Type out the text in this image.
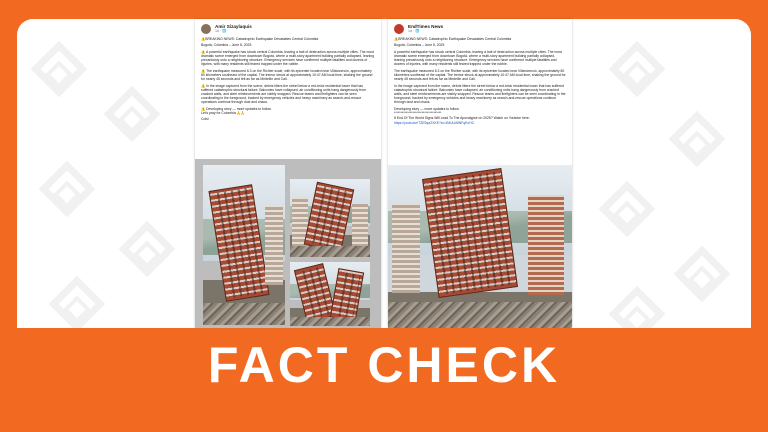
Amir Sizaylaquis
1d · 🌐
⚠️BREAKING NEWS: Catastrophic Earthquake Devastates Central Colombia
Bogotá, Colombia – June 8, 2025
⚠️ A powerful earthquake has struck central Colombia, leaving a trail of destruction across multiple cities. The most dramatic scene emerged from downtown Bogotá, where a multi-story apartment building partially collapsed, leaning precariously onto a neighboring structure. Emergency services have confirmed multiple fatalities and dozens of injuries, with many residents still feared trapped under the rubble.
⚠️ The earthquake measured 6.3 on the Richter scale, with its epicenter located near Villavicencio, approximately 80 kilometers southeast of the capital. The tremor struck at approximately 10:47 AM local time, shaking the ground for nearly 45 seconds and felt as far as Medellín and Cali.
⚠️ In the image captured from the scene, debris litters the street below a red-brick residential tower that has suffered catastrophic structural failure. Balconies have collapsed, air conditioning units hang dangerously from cracked walls, and steel reinforcements are visibly snapped. Rescue teams and firefighters can be seen coordinating in the foreground, backed by emergency vehicles and heavy machinery as search-and-rescue operations continue through dust and chaos.
⚠️ Developing story — more updates to follow.
Let's pray for Colombia 🙏🙏
Colsi
EndTimes News
1d · 🌐
⚠️BREAKING NEWS: Catastrophic Earthquake Devastates Central Colombia
Bogotá, Colombia – June 8, 2025
A powerful earthquake has struck central Colombia, leaving a trail of destruction across multiple cities. The most dramatic scene emerged from downtown Bogotá, where a multi-story apartment building partially collapsed, leaning precariously onto a neighboring structure. Emergency services have confirmed multiple fatalities and dozens of injuries, with many residents still feared trapped under the rubble.
The earthquake measured 6.3 on the Richter scale, with its epicenter located near Villavicencio, approximately 80 kilometers southeast of the capital. The tremor struck at approximately 10:47 AM local time, shaking the ground for nearly 45 seconds and felt as far as Medellín and Cali.
In the image captured from the scene, debris litters the street below a red-brick residential tower that has suffered catastrophic structural failure. Balconies have collapsed, air conditioning units hang dangerously from cracked walls, and steel reinforcements are visibly snapped. Rescue teams and firefighters can be seen coordinating in the foreground, backed by emergency vehicles and heavy machinery as search-and-rescue operations continue through dust and chaos.
Developing story — more updates to follow.
************************************
8 End Of The World Signs Will Lead To The Apocalypse on 2025? Watch on Youtube here:
https://youtu.be/TZE9qaZXKE?si=4MULk8iNFqEoHC
FACT CHECK
